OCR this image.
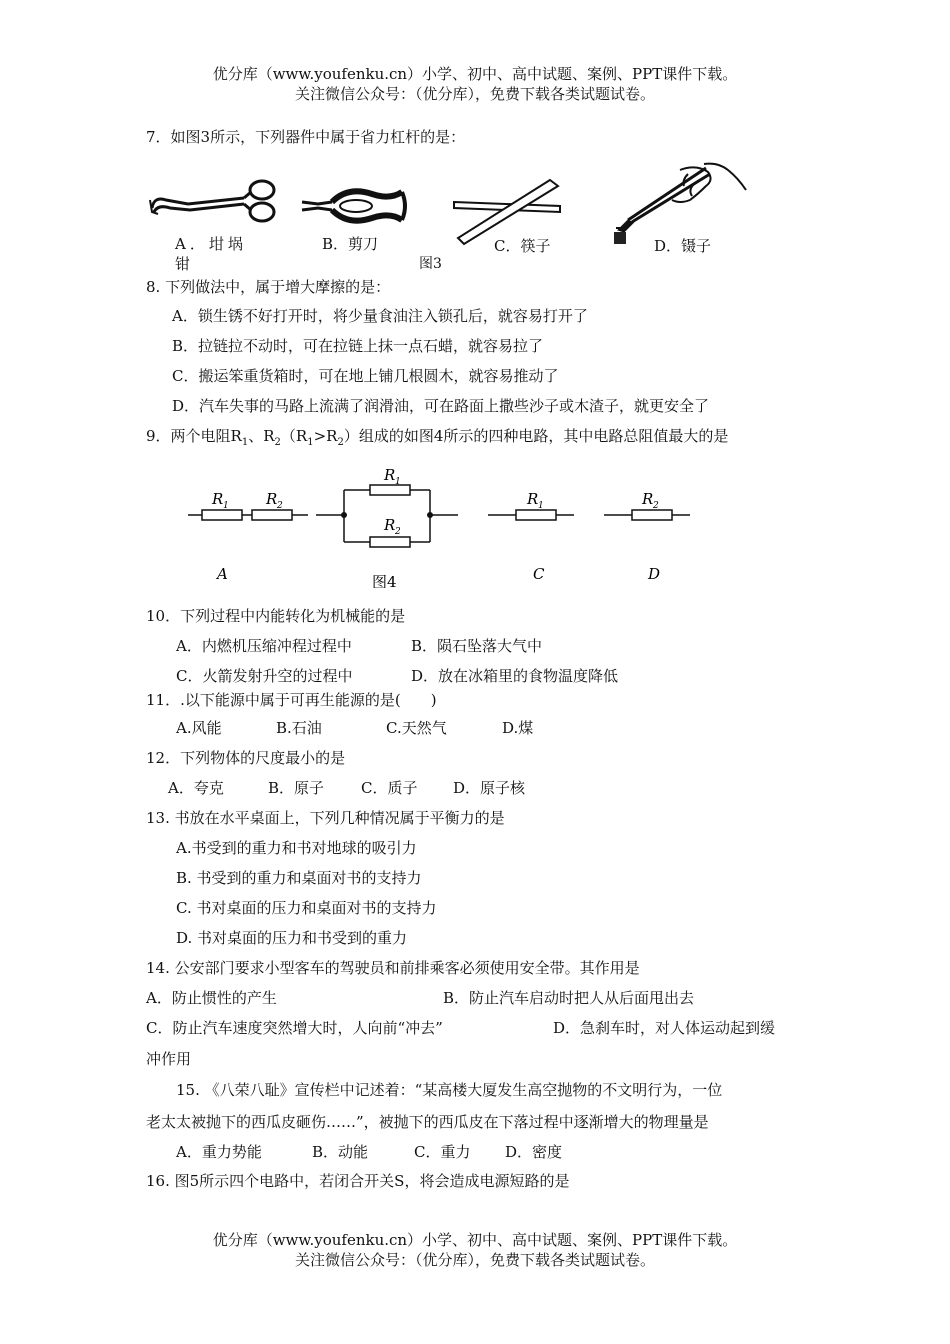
优分库（www.youfenku.cn）小学、初中、高中试题、案例、PPT课件下载。
关注微信公众号：（优分库），免费下载各类试题试卷。
7．如图3所示，下列器件中属于省力杠杆的是：
A．坩埚
钳
B．剪刀
图3
C．筷子	D．镊子
8. 下列做法中，属于增大摩擦的是：
A．锁生锈不好打开时，将少量食油注入锁孔后，就容易打开了
B．拉链拉不动时，可在拉链上抹一点石蜡，就容易拉了
C．搬运笨重货箱时，可在地上铺几根圆木，就容易推动了
D．汽车失事的马路上流满了润滑油，可在路面上撒些沙子或木渣子，就更安全了
9．两个电阻$R_1$、$R_2(R_1>R_2)$组成的如图4所示的四种电路，其中电路总阻值最大的是
R 1 R 2
R 1
R 2
R 1	R 2
A	C	D
图4
10．下列过程中内能转化为机械能的是
A．内燃机压缩冲程过程中	B．陨石坠落大气中
C．火箭发射升空的过程中	D．放在冰箱里的食物温度降低
11．.以下能源中属于可再生能源的是(　　)
A.风能	B.石油	C.天然气	D.煤
12．下列物体的尺度最小的是
A．夸克	B．原子 C．质子 D．原子核
13. 书放在水平桌面上，下列几种情况属于平衡力的是
A.书受到的重力和书对地球的吸引力
B. 书受到的重力和桌面对书的支持力
C. 书对桌面的压力和桌面对书的支持力
D. 书对桌面的压力和书受到的重力
14. 公安部门要求小型客车的驾驶员和前排乘客必须使用安全带。其作用是
A．防止惯性的产生	B．防止汽车启动时把人从后面甩出去
C．防止汽车速度突然增大时，人向前“冲去”	D．急刹车时，对人体运动起到缓
冲作用
15. 《八荣八耻》宣传栏中记述着：“某高楼大厦发生高空抛物的不文明行为，一位
老太太被抛下的西瓜皮砸伤……”，被抛下的西瓜皮在下落过程中逐渐增大的物理量是
A．重力势能	B．动能	C．重力 D．密度
16. 图5所示四个电路中，若闭合开关S，将会造成电源短路的是
优分库（www.youfenku.cn）小学、初中、高中试题、案例、PPT课件下载。
关注微信公众号：（优分库），免费下载各类试题试卷。
